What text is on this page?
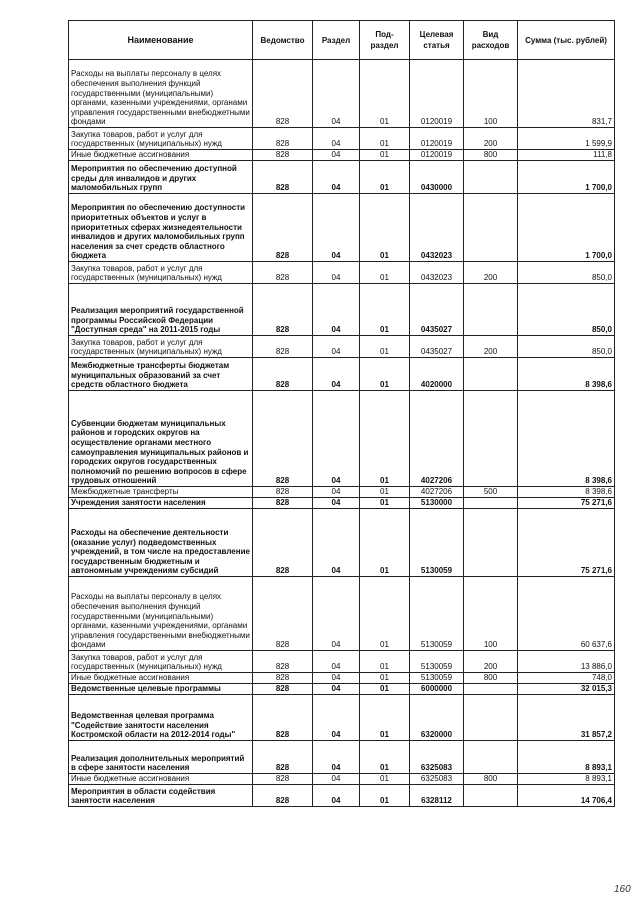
Наименование	Ведомство	Раздел	Под-раздел	Целевая статья	Вид расходов	Сумма (тыс. рублей)
Расходы на выплаты персоналу в целях обеспечения выполнения функций государственными (муниципальными) органами, казенными учреждениями, органами управления государственными внебюджетными фондами	828	04	01	0120019	100	831,7
Закупка товаров, работ и услуг для государственных (муниципальных) нужд	828	04	01	0120019	200	1 599,9
Иные бюджетные ассигнования	828	04	01	0120019	800	111,8
Мероприятия по обеспечению доступной среды для инвалидов и других маломобильных групп	828	04	01	0430000		1 700,0
Мероприятия по обеспечению доступности приоритетных объектов и услуг в приоритетных сферах жизнедеятельности инвалидов и других маломобильных групп населения за счет средств областного бюджета	828	04	01	0432023		1 700,0
Закупка товаров, работ и услуг для государственных (муниципальных) нужд	828	04	01	0432023	200	850,0
Реализация мероприятий государственной программы Российской Федерации "Доступная среда" на 2011-2015 годы	828	04	01	0435027		850,0
Закупка товаров, работ и услуг для государственных (муниципальных) нужд	828	04	01	0435027	200	850,0
Межбюджетные трансферты бюджетам муниципальных образований за счет средств областного бюджета	828	04	01	4020000		8 398,6
Субвенции бюджетам муниципальных районов и городских округов на осуществление органами местного самоуправления муниципальных районов и городских округов государственных полномочий по решению вопросов в сфере трудовых отношений	828	04	01	4027206		8 398,6
Межбюджетные трансферты	828	04	01	4027206	500	8 398,6
Учреждения занятости населения	828	04	01	5130000		75 271,6
Расходы на обеспечение деятельности (оказание услуг) подведомственных учреждений, в том числе на предоставление государственным бюджетным и автономным учреждениям субсидий	828	04	01	5130059		75 271,6
Расходы на выплаты персоналу в целях обеспечения выполнения функций государственными (муниципальными) органами, казенными учреждениями, органами управления государственными внебюджетными фондами	828	04	01	5130059	100	60 637,6
Закупка товаров, работ и услуг для государственных (муниципальных) нужд	828	04	01	5130059	200	13 886,0
Иные бюджетные ассигнования	828	04	01	5130059	800	748,0
Ведомственные целевые программы	828	04	01	6000000		32 015,3
Ведомственная целевая программа "Содействие занятости населения Костромской области на 2012-2014 годы"	828	04	01	6320000		31 857,2
Реализация дополнительных мероприятий в сфере занятости населения	828	04	01	6325083		8 893,1
Иные бюджетные ассигнования	828	04	01	6325083	800	8 893,1
Мероприятия в области содействия занятости населения	828	04	01	6328112		14 706,4
160
